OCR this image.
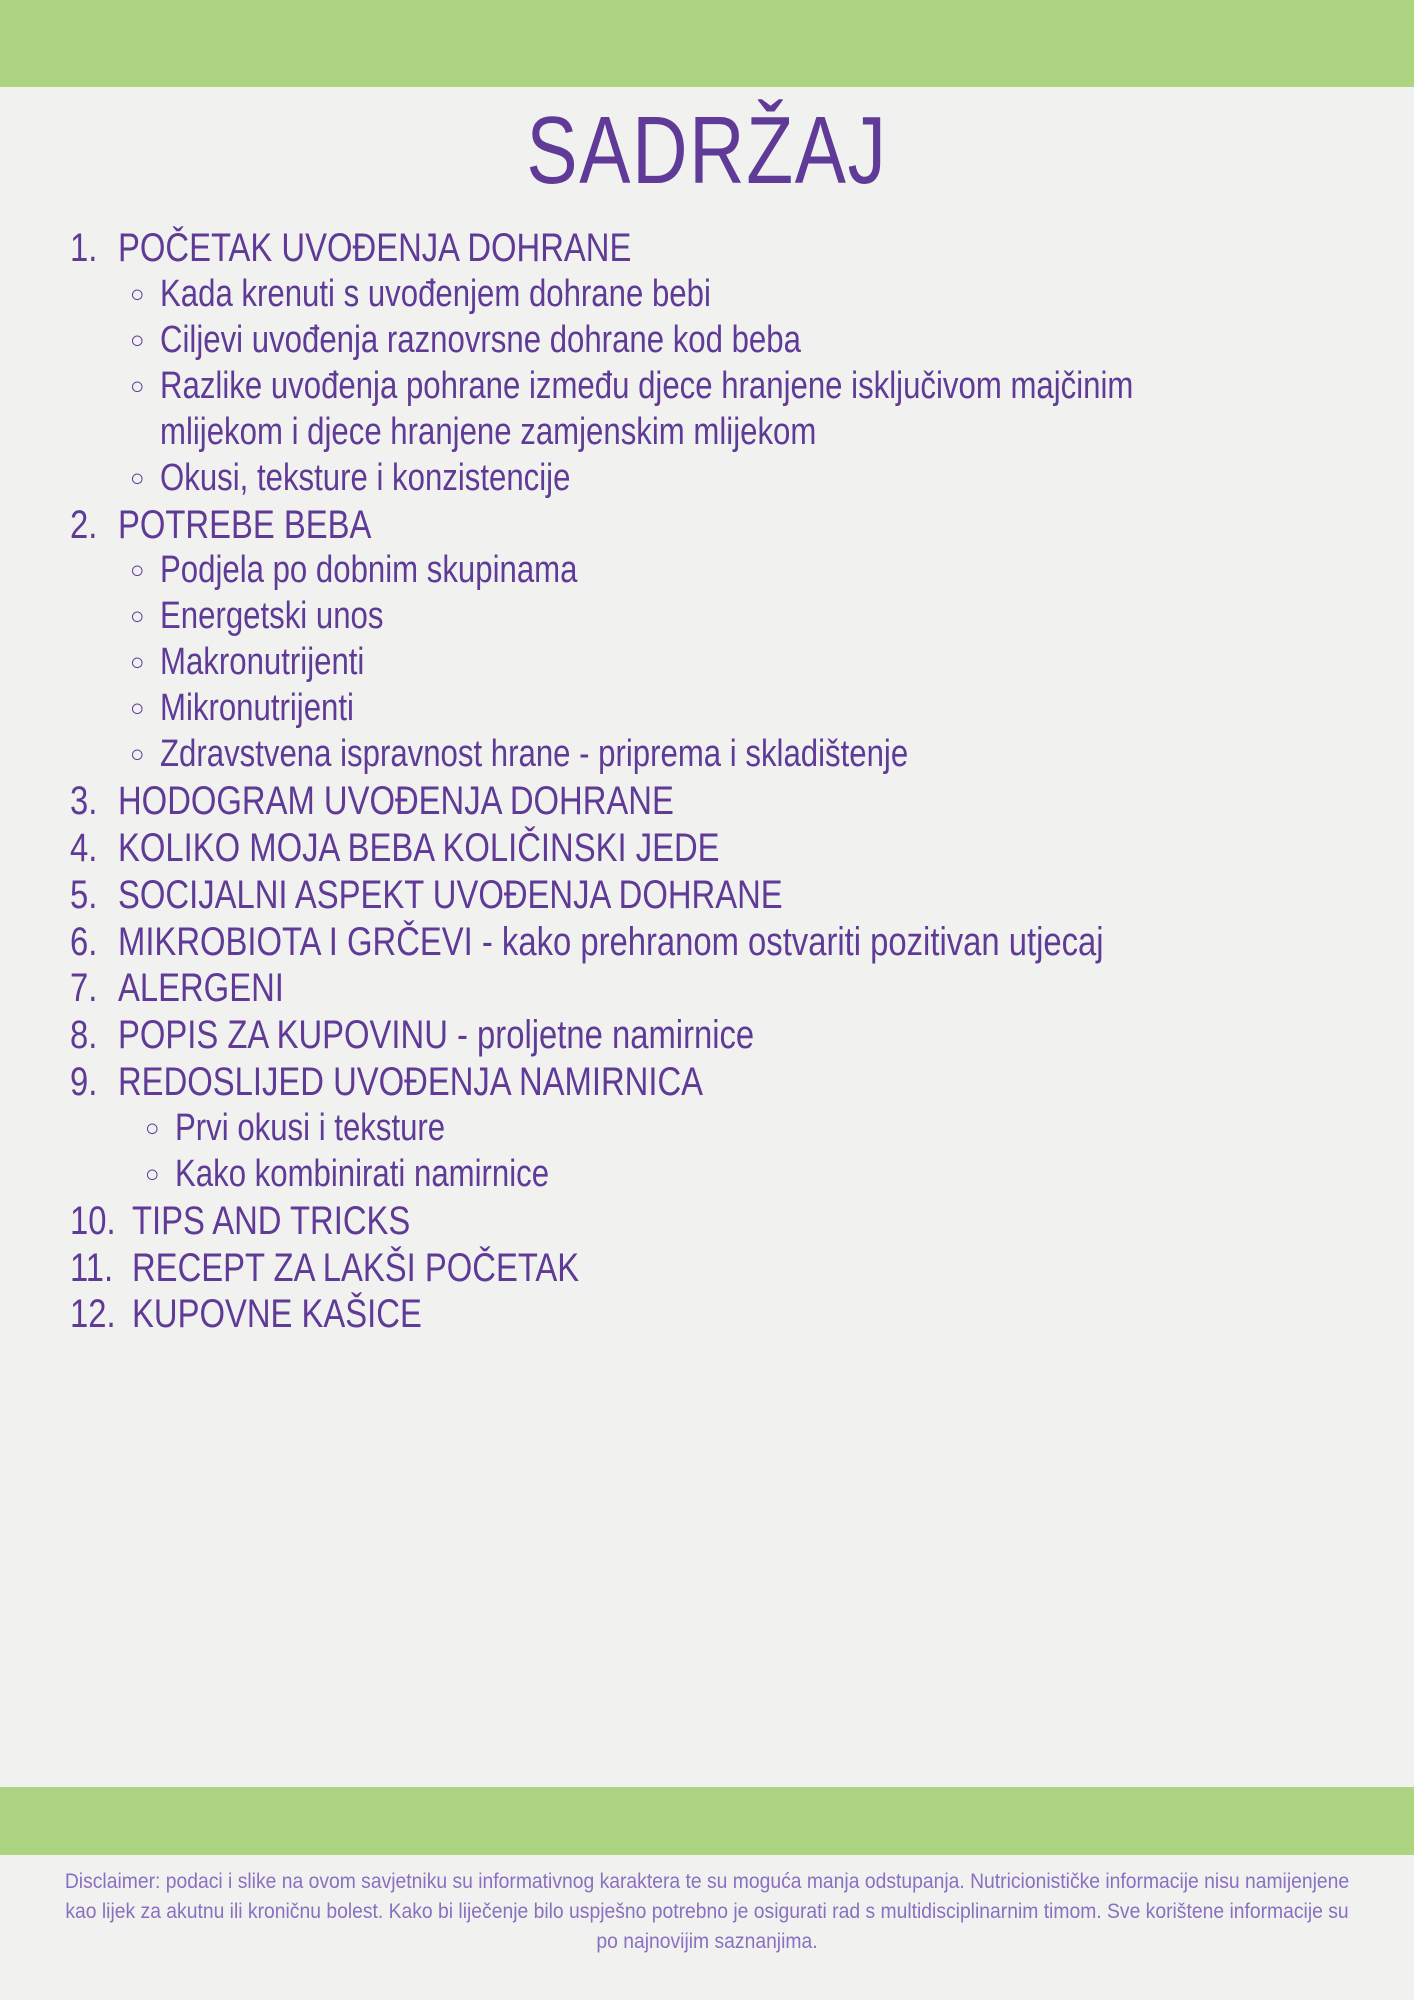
SADRŽAJ
1. POČETAK UVOĐENJA DOHRANE
○ Kada krenuti s uvođenjem dohrane bebi
○ Ciljevi uvođenja raznovrsne dohrane kod beba
○ Razlike uvođenja pohrane između djece hranjene isključivom majčinim mlijekom i djece hranjene zamjenskim mlijekom
○ Okusi, teksture i konzistencije
2. POTREBE BEBA
○ Podjela po dobnim skupinama
○ Energetski unos
○ Makronutrijenti
○ Mikronutrijenti
○ Zdravstvena ispravnost hrane - priprema i skladištenje
3. HODOGRAM UVOĐENJA DOHRANE
4. KOLIKO MOJA BEBA KOLIČINSKI JEDE
5. SOCIJALNI ASPEKT UVOĐENJA DOHRANE
6. MIKROBIOTA I GRČEVI - kako prehranom ostvariti pozitivan utjecaj
7. ALERGENI
8. POPIS ZA KUPOVINU - proljetne namirnice
9. REDOSLIJED UVOĐENJA NAMIRNICA
○ Prvi okusi i teksture
○ Kako kombinirati namirnice
10. TIPS AND TRICKS
11. RECEPT ZA LAKŠI POČETAK
12. KUPOVNE KAŠICE
Disclaimer: podaci i slike na ovom savjetniku su informativnog karaktera te su moguća manja odstupanja. Nutricionističke informacije nisu namijenjene kao lijek za akutnu ili kroničnu bolest. Kako bi liječenje bilo uspješno potrebno je osigurati rad s multidisciplinarnim timom. Sve korištene informacije su po najnovijim saznanjima.
